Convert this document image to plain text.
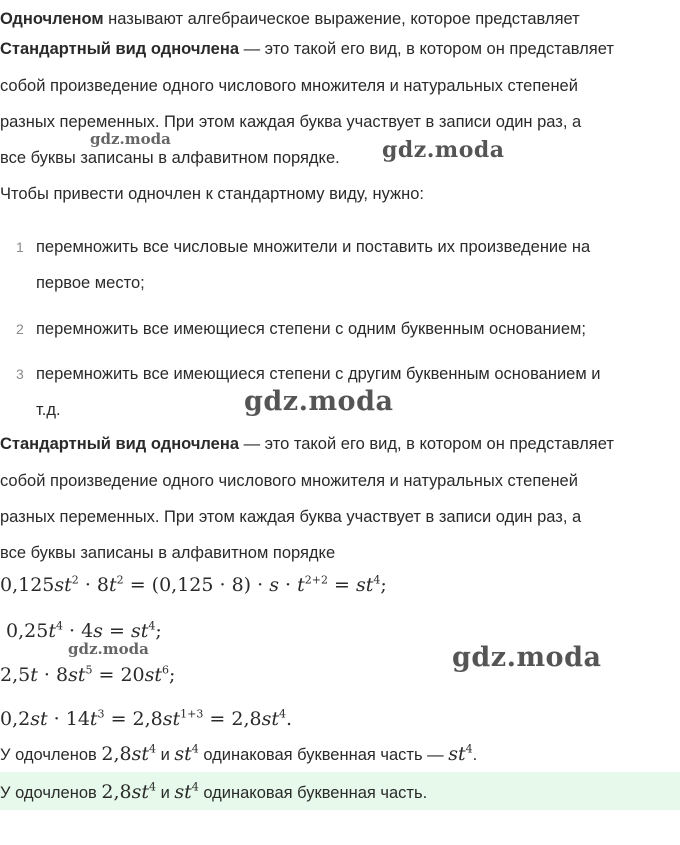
Одночленом называют алгебраическое выражение, которое представляет
Стандартный вид одночлена — это такой его вид, в котором он представляет
собой произведение одного числового множителя и натуральных степеней
разных переменных. При этом каждая буква участвует в записи один раз, а
все буквы записаны в алфавитном порядке.
Чтобы привести одночлен к стандартному виду, нужно:
1 перемножить все числовые множители и поставить их произведение на
первое место;
2 перемножить все имеющиеся степени с одним буквенным основанием;
3 перемножить все имеющиеся степени с другим буквенным основанием и
т.д.
Стандартный вид одночлена — это такой его вид, в котором он представляет
собой произведение одного числового множителя и натуральных степеней
разных переменных. При этом каждая буква участвует в записи один раз, а
все буквы записаны в алфавитном порядке
$0,125st^2 \cdot 8t^2 = (0,125 \cdot 8) \cdot s \cdot t^{2+2} = st^4$;
$0,25t^4 \cdot 4s = st^4$;
$2,5t \cdot 8st^5 = 20st^6$;
$0,2st \cdot 14t^3 = 2,8st^{1+3} = 2,8st^4$.
У одочленов $2,8st^4$ и $st^4$ одинаковая буквенная часть — $st^4$.
У одочленов $2,8st^4$ и $st^4$ одинаковая буквенная часть.
gdz.moda	gdz.moda
gdz.moda
gdz.moda	gdz.moda
